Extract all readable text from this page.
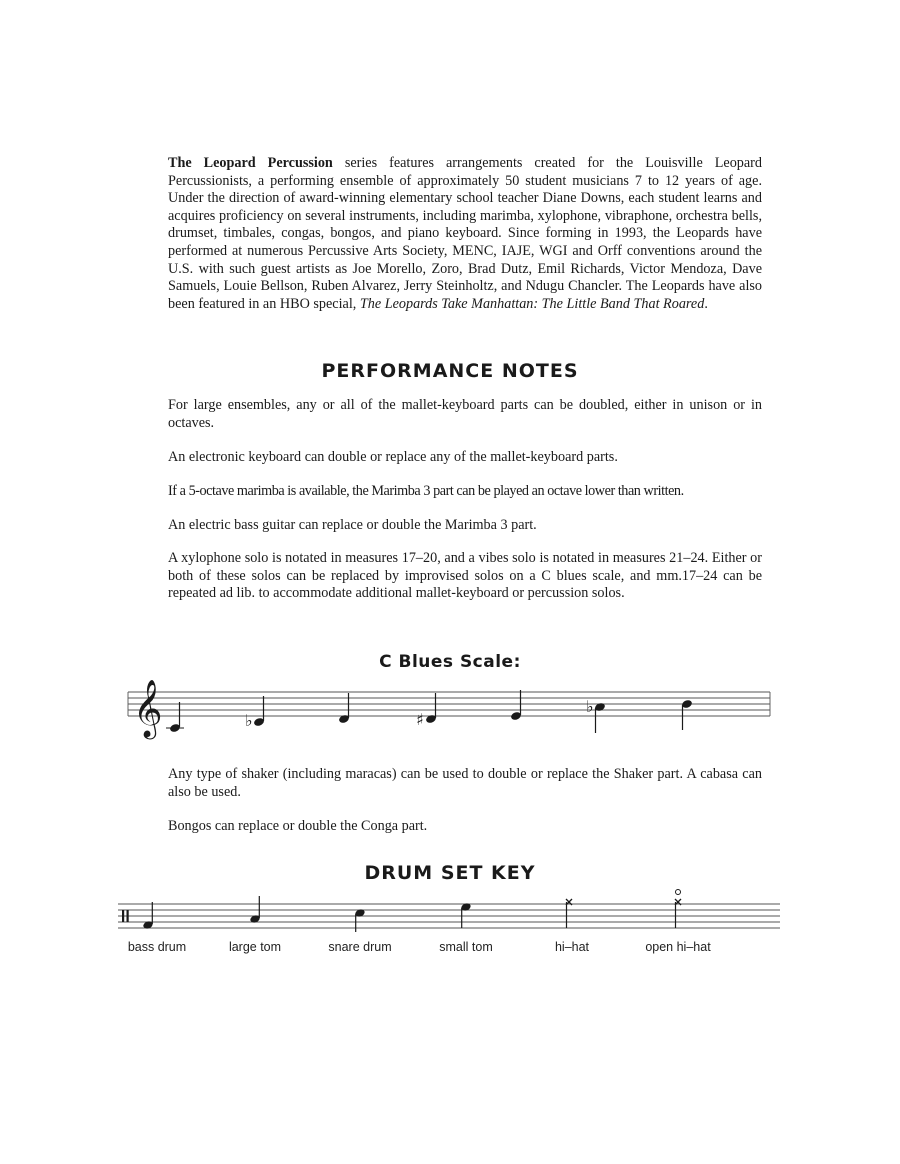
The Leopard Percussion series features arrangements created for the Louisville Leopard Percussionists, a performing ensemble of approximately 50 student musicians 7 to 12 years of age. Under the direction of award-winning elementary school teacher Diane Downs, each student learns and acquires proficiency on several instruments, including marimba, xylophone, vibraphone, orchestra bells, drumset, timbales, congas, bongos, and piano keyboard. Since forming in 1993, the Leopards have performed at numerous Percussive Arts Society, MENC, IAJE, WGI and Orff conventions around the U.S. with such guest artists as Joe Morello, Zoro, Brad Dutz, Emil Richards, Victor Mendoza, Dave Samuels, Louie Bellson, Ruben Alvarez, Jerry Steinholtz, and Ndugu Chancler. The Leopards have also been featured in an HBO special, The Leopards Take Manhattan: The Little Band That Roared.

PERFORMANCE NOTES

For large ensembles, any or all of the mallet-keyboard parts can be doubled, either in unison or in octaves.

An electronic keyboard can double or replace any of the mallet-keyboard parts.

If a 5-octave marimba is available, the Marimba 3 part can be played an octave lower than written.

An electric bass guitar can replace or double the Marimba 3 part.

A xylophone solo is notated in measures 17–20, and a vibes solo is notated in measures 21–24. Either or both of these solos can be replaced by improvised solos on a C blues scale, and mm.17–24 can be repeated ad lib. to accommodate additional mallet-keyboard or percussion solos.

C Blues Scale:
𝄞	♭	♯
♭

Any type of shaker (including maracas) can be used to double or replace the Shaker part. A cabasa can also be used.

Bongos can replace or double the Conga part.

DRUM SET KEY
bass drum	large tom	snare drum	small tom	hi–hat	open hi–hat
